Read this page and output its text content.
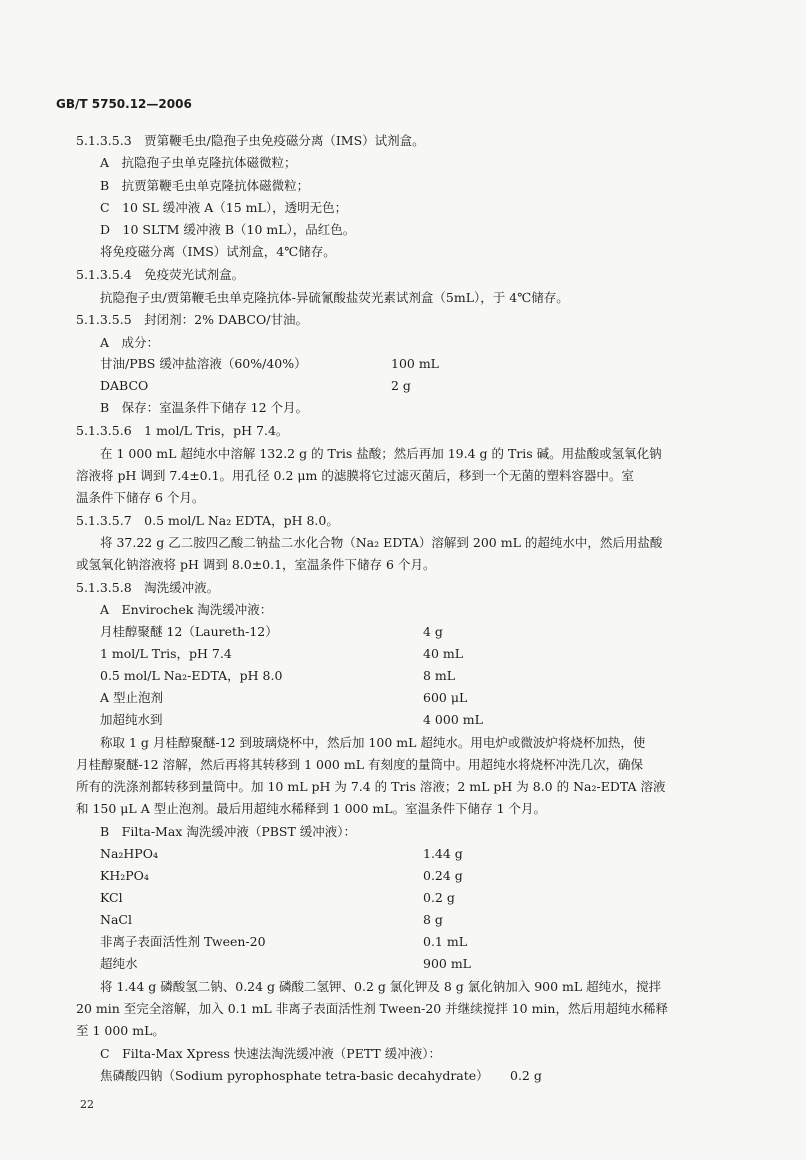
GB/T 5750.12—2006
5.1.3.5.3　贾第鞭毛虫/隐孢子虫免疫磁分离（IMS）试剂盒。
A　抗隐孢子虫单克隆抗体磁微粒；
B　抗贾第鞭毛虫单克隆抗体磁微粒；
C　10 SL 缓冲液 A（15 mL），透明无色；
D　10 SLTM 缓冲液 B（10 mL），品红色。
将免疫磁分离（IMS）试剂盒，4℃储存。
5.1.3.5.4　免疫荧光试剂盒。
抗隐孢子虫/贾第鞭毛虫单克隆抗体-异硫氰酸盐荧光素试剂盒（5mL），于 4℃储存。
5.1.3.5.5　封闭剂：2% DABCO/甘油。
A　成分：
甘油/PBS 缓冲盐溶液（60%/40%）	100 mL
DABCO	2 g
B　保存：室温条件下储存 12 个月。
5.1.3.5.6　1 mol/L Tris，pH 7.4。
在 1 000 mL 超纯水中溶解 132.2 g 的 Tris 盐酸；然后再加 19.4 g 的 Tris 碱。用盐酸或氢氧化钠
溶液将 pH 调到 7.4±0.1。用孔径 0.2 μm 的滤膜将它过滤灭菌后，移到一个无菌的塑料容器中。室
温条件下储存 6 个月。
5.1.3.5.7　0.5 mol/L Na₂ EDTA，pH 8.0。
将 37.22 g 乙二胺四乙酸二钠盐二水化合物（Na₂ EDTA）溶解到 200 mL 的超纯水中，然后用盐酸
或氢氧化钠溶液将 pH 调到 8.0±0.1，室温条件下储存 6 个月。
5.1.3.5.8　淘洗缓冲液。
A　Envirochek 淘洗缓冲液：
月桂醇聚醚 12（Laureth-12）	4 g
1 mol/L Tris，pH 7.4	40 mL
0.5 mol/L Na₂-EDTA，pH 8.0	8 mL
A 型止泡剂	600 μL
加超纯水到	4 000 mL
称取 1 g 月桂醇聚醚-12 到玻璃烧杯中，然后加 100 mL 超纯水。用电炉或微波炉将烧杯加热，使
月桂醇聚醚-12 溶解，然后再将其转移到 1 000 mL 有刻度的量筒中。用超纯水将烧杯冲洗几次，确保
所有的洗涤剂都转移到量筒中。加 10 mL pH 为 7.4 的 Tris 溶液；2 mL pH 为 8.0 的 Na₂-EDTA 溶液
和 150 μL A 型止泡剂。最后用超纯水稀释到 1 000 mL。室温条件下储存 1 个月。
B　Filta-Max 淘洗缓冲液（PBST 缓冲液）：
Na₂HPO₄	1.44 g
KH₂PO₄	0.24 g
KCl	0.2 g
NaCl	8 g
非离子表面活性剂 Tween-20	0.1 mL
超纯水	900 mL
将 1.44 g 磷酸氢二钠、0.24 g 磷酸二氢钾、0.2 g 氯化钾及 8 g 氯化钠加入 900 mL 超纯水，搅拌
20 min 至完全溶解，加入 0.1 mL 非离子表面活性剂 Tween-20 并继续搅拌 10 min，然后用超纯水稀释
至 1 000 mL。
C　Filta-Max Xpress 快速法淘洗缓冲液（PETT 缓冲液）：
焦磷酸四钠（Sodium pyrophosphate tetra-basic decahydrate） 0.2 g
22
